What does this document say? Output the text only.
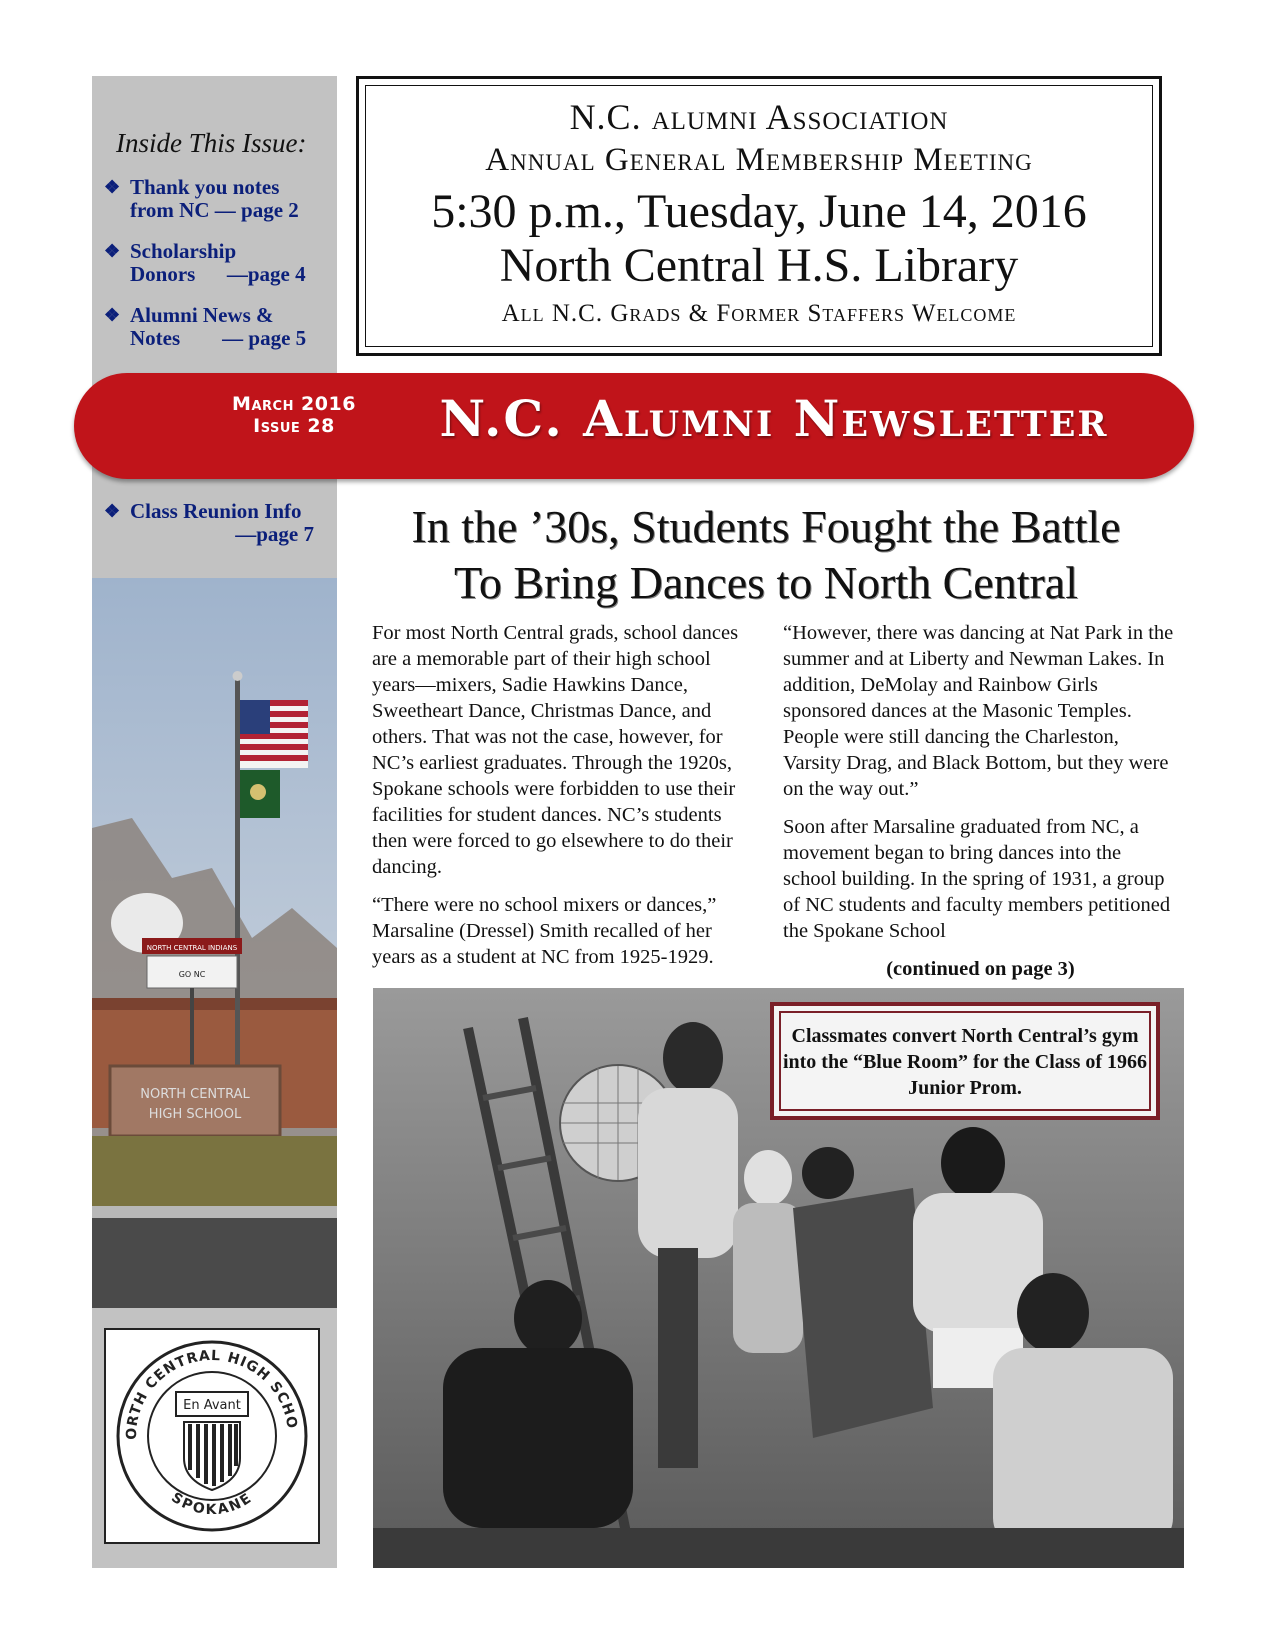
Inside This Issue:
❖ Thank you notes
from NC — page 2
❖ Scholarship
Donors      —page 4
❖ Alumni News &
Notes        — page 5
❖ Class Reunion Info
—page 7
N.C. alumni Association
Annual General Membership Meeting
5:30 p.m., Tuesday, June 14, 2016
North Central H.S. Library
All N.C. Grads & Former Staffers Welcome
March 2016
Issue 28	N.C. Alumni Newsletter
In the ’30s, Students Fought the Battle
To Bring Dances to North Central

For most North Central grads, school dances are a memorable part of their high school years—mixers, Sadie Hawkins Dance, Sweetheart Dance, Christmas Dance, and others. That was not the case, however, for NC’s earliest graduates. Through the 1920s, Spokane schools were forbidden to use their facilities for student dances. NC’s students then were forced to go elsewhere to do their dancing.

“There were no school mixers or dances,” Marsaline (Dressel) Smith recalled of her years as a student at NC from 1925-1929.

“However, there was dancing at Nat Park in the summer and at Liberty and Newman Lakes. In addition, DeMolay and Rainbow Girls sponsored dances at the Masonic Temples. People were still dancing the Charleston, Varsity Drag, and Black Bottom, but they were on the way out.”

Soon after Marsaline graduated from NC, a movement began to bring dances into the school building. In the spring of 1931, a group of NC students and faculty members petitioned the Spokane School

(continued on page 3)

NORTH CENTRAL INDIANS
GO NC
NORTH CENTRAL
HIGH SCHOOL
ORTH CENTRAL HIGH SCHO
SPOKANE
En Avant
Classmates convert North Central’s gym into the “Blue Room” for the Class of 1966 Junior Prom.
